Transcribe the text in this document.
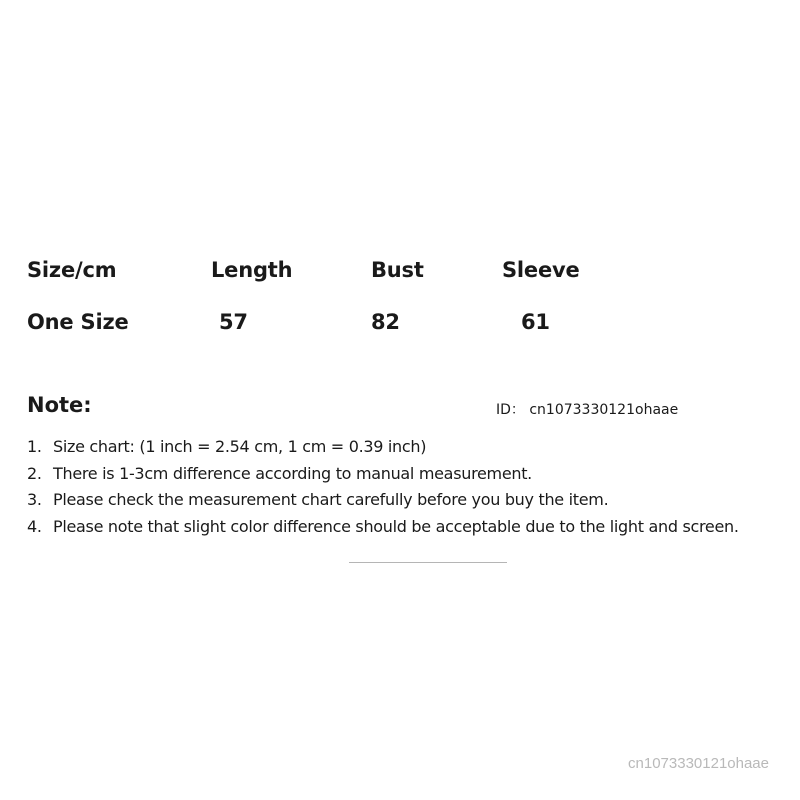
Size/cm	Length	Bust	Sleeve
One Size	57	82	61
Note:	ID： cn1073330121ohaae
1. Size chart: (1 inch = 2.54 cm, 1 cm = 0.39 inch)
2. There is 1-3cm difference according to manual measurement.
3. Please check the measurement chart carefully before you buy the item.
4. Please note that slight color difference should be acceptable due to the light and screen.
cn1073330121ohaae
